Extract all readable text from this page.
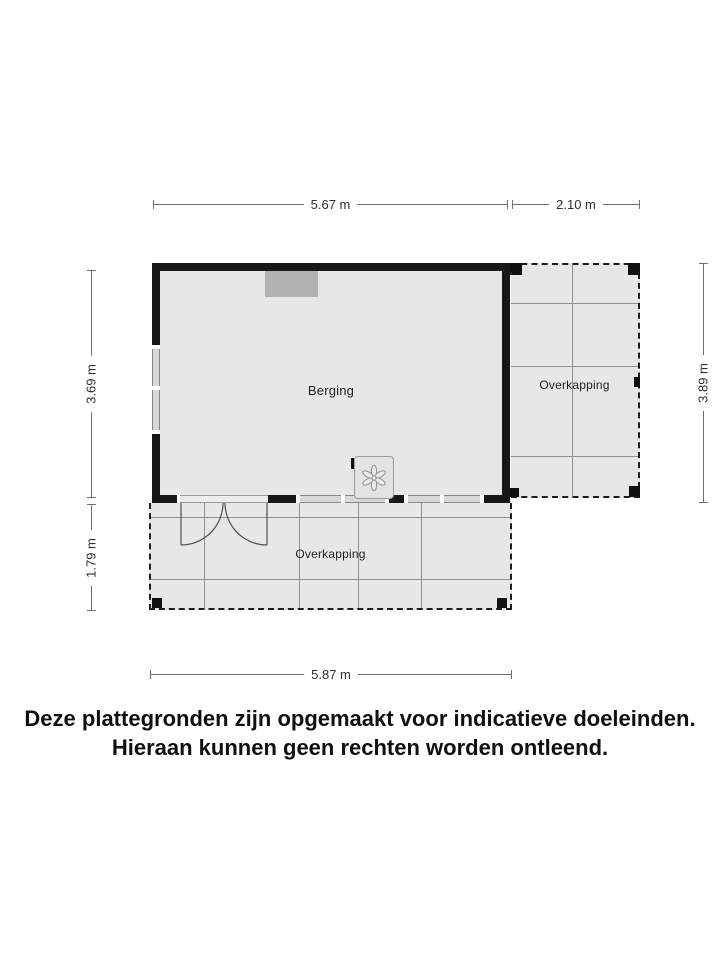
5.67 m	2.10 m
3.69 m
1.79 m
3.89 m
5.87 m
Overkapping
Overkapping
Berging
Deze plattegronden zijn opgemaakt voor indicatieve doeleinden.
Hieraan kunnen geen rechten worden ontleend.
